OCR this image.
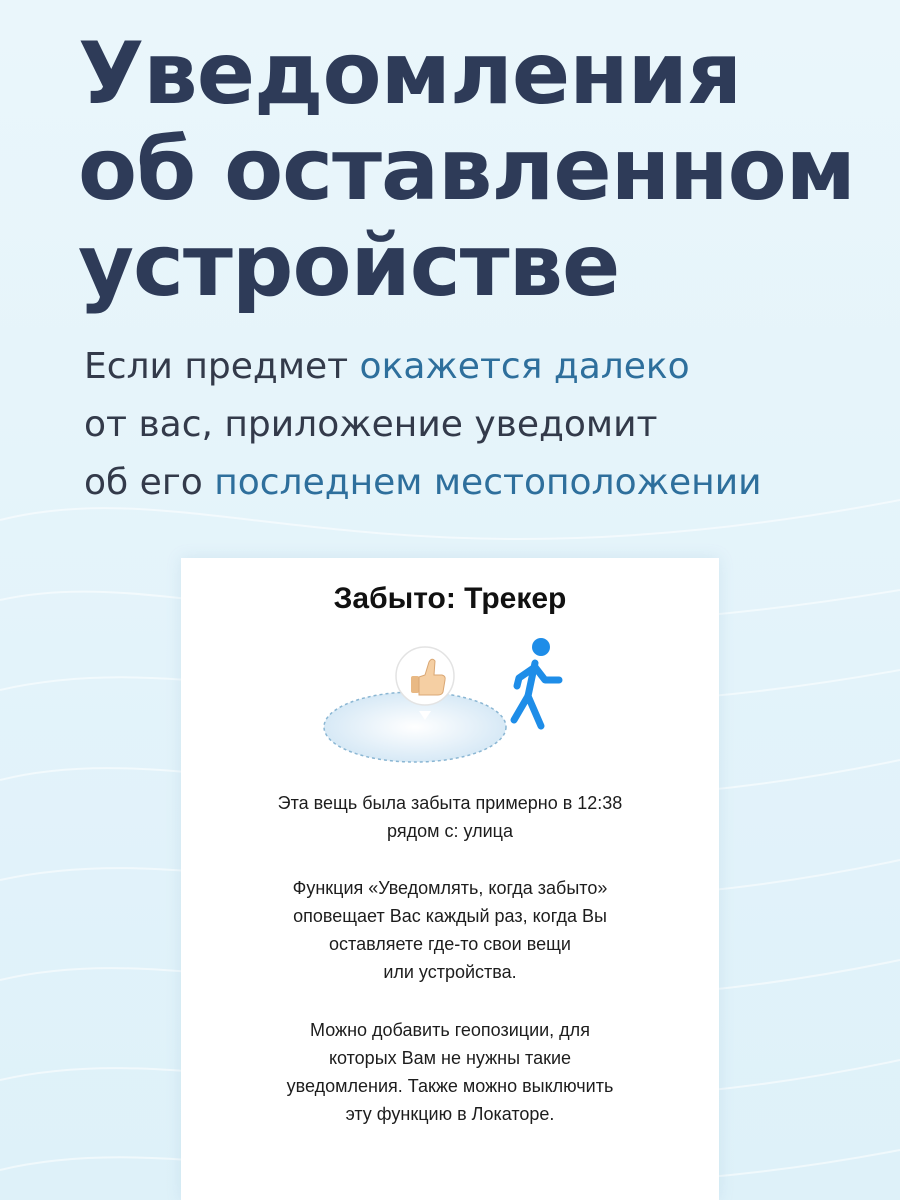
Уведомления об оставленном устройстве

Если предмет окажется далеко
от вас, приложение уведомит
об его последнем местоположении

Забыто: Трекер

Эта вещь была забыта примерно в 12:38
рядом с: улица

Функция «Уведомлять, когда забыто»
оповещает Вас каждый раз, когда Вы
оставляете где-то свои вещи
или устройства.

Можно добавить геопозиции, для
которых Вам не нужны такие
уведомления. Также можно выключить
эту функцию в Локаторе.
